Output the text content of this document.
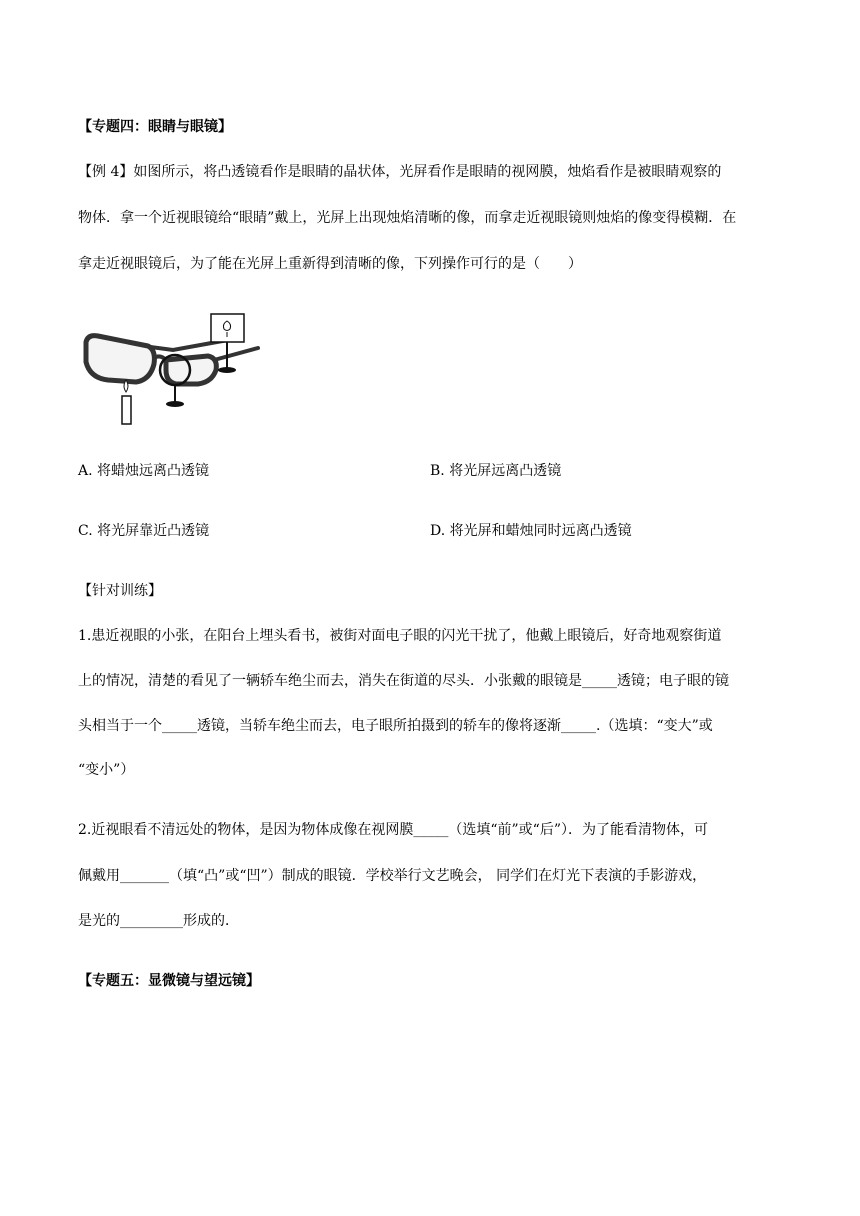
【专题四：眼睛与眼镜】
【例 4】如图所示，将凸透镜看作是眼睛的晶状体，光屏看作是眼睛的视网膜，烛焰看作是被眼睛观察的
物体．拿一个近视眼镜给“眼睛”戴上，光屏上出现烛焰清晰的像，而拿走近视眼镜则烛焰的像变得模糊．在
拿走近视眼镜后，为了能在光屏上重新得到清晰的像，下列操作可行的是（　　）
A. 将蜡烛远离凸透镜	B. 将光屏远离凸透镜
C. 将光屏靠近凸透镜	D. 将光屏和蜡烛同时远离凸透镜
【针对训练】
1.患近视眼的小张，在阳台上埋头看书，被街对面电子眼的闪光干扰了，他戴上眼镜后，好奇地观察街道
上的情况，清楚的看见了一辆轿车绝尘而去，消失在街道的尽头．小张戴的眼镜是_____透镜；电子眼的镜
头相当于一个_____透镜，当轿车绝尘而去，电子眼所拍摄到的轿车的像将逐渐_____.（选填：“变大”或
“变小”）
2.近视眼看不清远处的物体，是因为物体成像在视网膜_____（选填“前”或“后”）．为了能看清物体，可
佩戴用_______（填“凸”或“凹”）制成的眼镜．学校举行文艺晚会， 同学们在灯光下表演的手影游戏，
是光的_________形成的．
【专题五：显微镜与望远镜】
